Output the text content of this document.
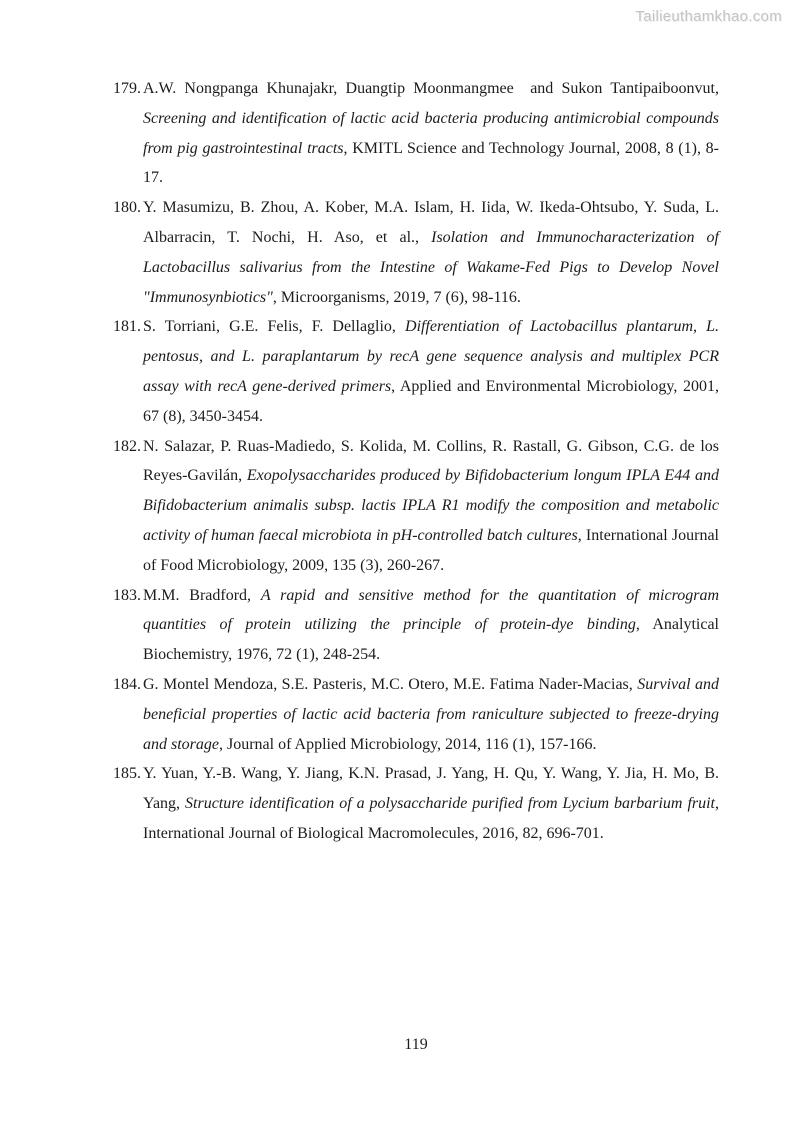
Tailieuthamkhao.com
179. A.W. Nongpanga Khunajakr, Duangtip Moonmangmee  and Sukon Tantipaiboonvut, Screening and identification of lactic acid bacteria producing antimicrobial compounds from pig gastrointestinal tracts, KMITL Science and Technology Journal, 2008, 8 (1), 8-17.
180. Y. Masumizu, B. Zhou, A. Kober, M.A. Islam, H. Iida, W. Ikeda-Ohtsubo, Y. Suda, L. Albarracin, T. Nochi, H. Aso, et al., Isolation and Immunocharacterization of Lactobacillus salivarius from the Intestine of Wakame-Fed Pigs to Develop Novel "Immunosynbiotics", Microorganisms, 2019, 7 (6), 98-116.
181. S. Torriani, G.E. Felis, F. Dellaglio, Differentiation of Lactobacillus plantarum, L. pentosus, and L. paraplantarum by recA gene sequence analysis and multiplex PCR assay with recA gene-derived primers, Applied and Environmental Microbiology, 2001, 67 (8), 3450-3454.
182. N. Salazar, P. Ruas-Madiedo, S. Kolida, M. Collins, R. Rastall, G. Gibson, C.G. de los Reyes-Gavilán, Exopolysaccharides produced by Bifidobacterium longum IPLA E44 and Bifidobacterium animalis subsp. lactis IPLA R1 modify the composition and metabolic activity of human faecal microbiota in pH-controlled batch cultures, International Journal of Food Microbiology, 2009, 135 (3), 260-267.
183. M.M. Bradford, A rapid and sensitive method for the quantitation of microgram quantities of protein utilizing the principle of protein-dye binding, Analytical Biochemistry, 1976, 72 (1), 248-254.
184. G. Montel Mendoza, S.E. Pasteris, M.C. Otero, M.E. Fatima Nader-Macias, Survival and beneficial properties of lactic acid bacteria from raniculture subjected to freeze-drying and storage, Journal of Applied Microbiology, 2014, 116 (1), 157-166.
185. Y. Yuan, Y.-B. Wang, Y. Jiang, K.N. Prasad, J. Yang, H. Qu, Y. Wang, Y. Jia, H. Mo, B. Yang, Structure identification of a polysaccharide purified from Lycium barbarium fruit, International Journal of Biological Macromolecules, 2016, 82, 696-701.
119
